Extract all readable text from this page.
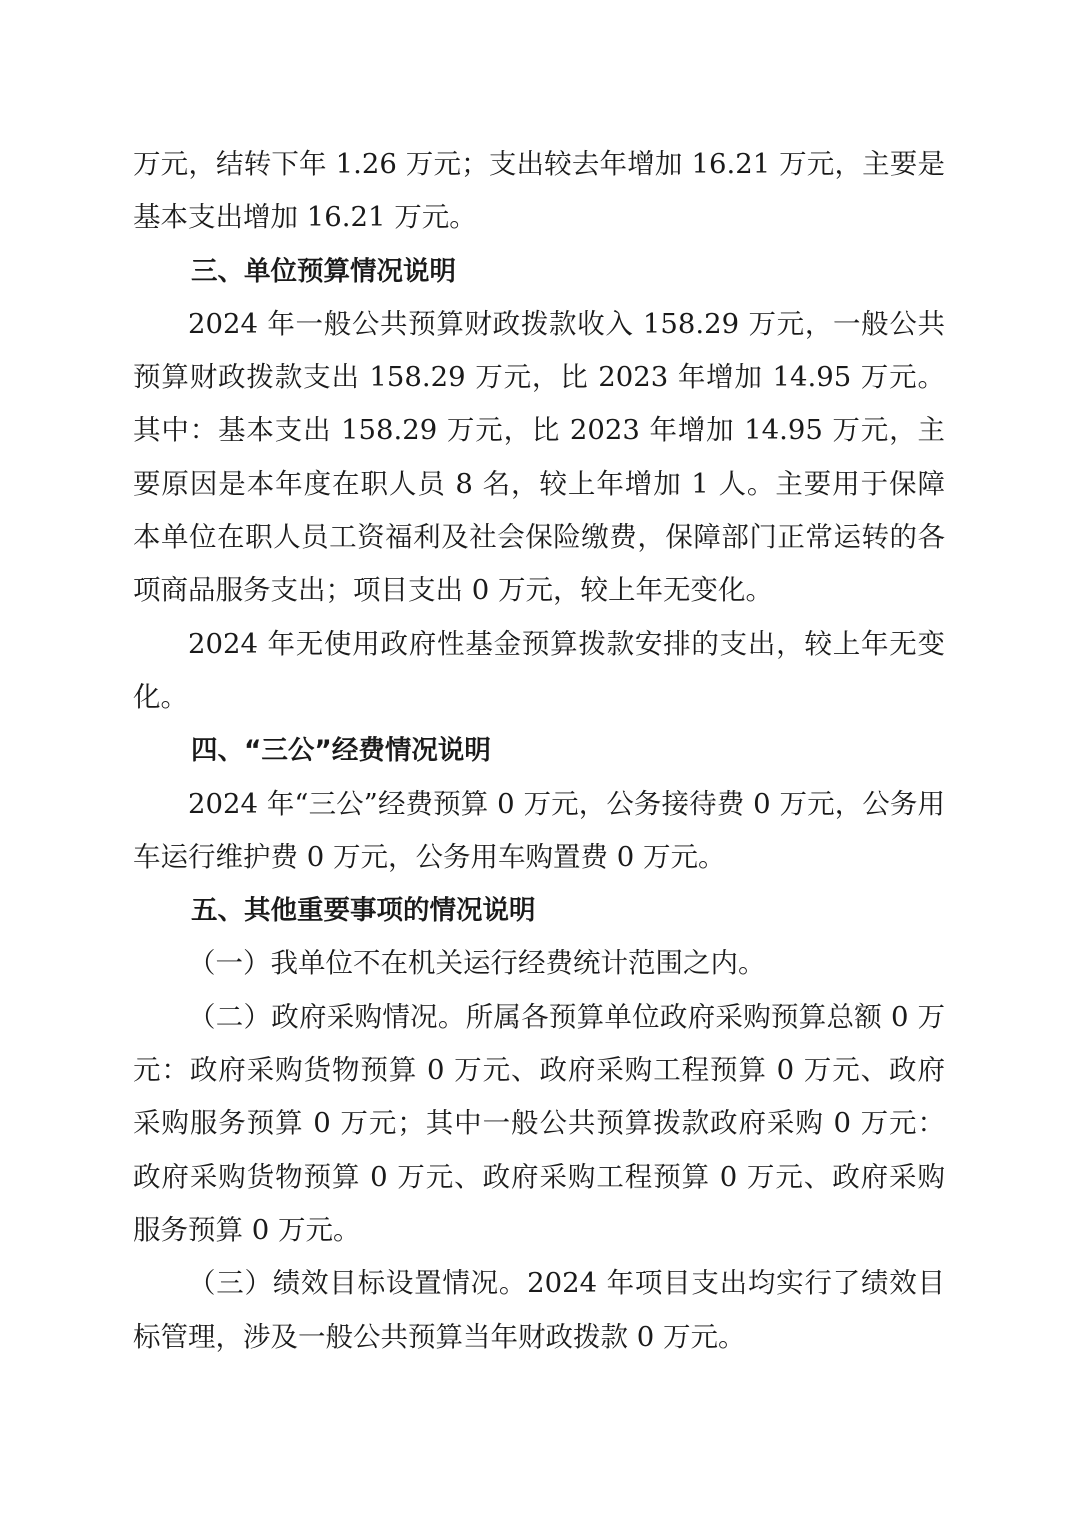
万元，结转下年 1.26 万元；支出较去年增加 16.21 万元，主要是基本支出增加 16.21 万元。

三、单位预算情况说明

2024 年一般公共预算财政拨款收入 158.29 万元，一般公共预算财政拨款支出 158.29 万元，比 2023 年增加 14.95 万元。其中：基本支出 158.29 万元，比 2023 年增加 14.95 万元，主要原因是本年度在职人员 8 名，较上年增加 1 人。主要用于保障本单位在职人员工资福利及社会保险缴费，保障部门正常运转的各项商品服务支出；项目支出 0 万元，较上年无变化。

2024 年无使用政府性基金预算拨款安排的支出，较上年无变化。

四、“三公”经费情况说明

2024 年“三公”经费预算 0 万元，公务接待费 0 万元，公务用车运行维护费 0 万元，公务用车购置费 0 万元。

五、其他重要事项的情况说明

（一）我单位不在机关运行经费统计范围之内。

（二）政府采购情况。所属各预算单位政府采购预算总额 0 万元：政府采购货物预算 0 万元、政府采购工程预算 0 万元、政府采购服务预算 0 万元；其中一般公共预算拨款政府采购 0 万元：政府采购货物预算 0 万元、政府采购工程预算 0 万元、政府采购服务预算 0 万元。

（三）绩效目标设置情况。2024 年项目支出均实行了绩效目标管理，涉及一般公共预算当年财政拨款 0 万元。
